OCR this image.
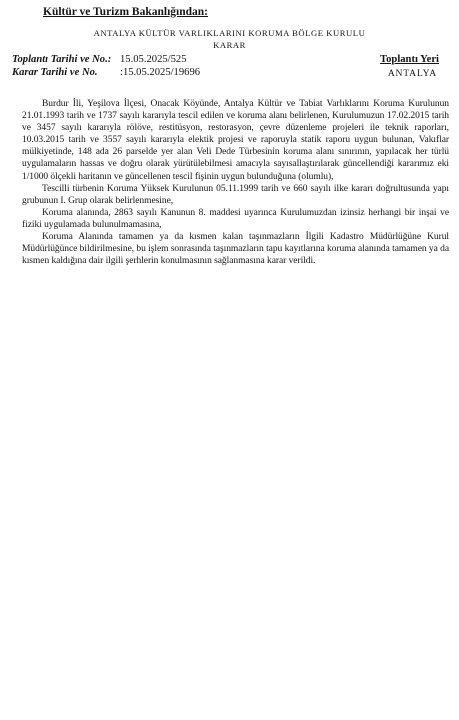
Kültür ve Turizm Bakanlığından:
ANTALYA KÜLTÜR VARLIKLARINI KORUMA BÖLGE KURULU
KARAR
Toplantı Tarihi ve No.: 15.05.2025/525
Karar Tarihi ve No. :15.05.2025/19696
Toplantı Yeri
ANTALYA

Burdur İli, Yeşilova İlçesi, Onacak Köyünde, Antalya Kültür ve Tabiat Varlıklarını Koruma Kurulunun 21.01.1993 tarih ve 1737 sayılı kararıyla tescil edilen ve koruma alanı belirlenen, Kurulumuzun 17.02.2015 tarih ve 3457 sayılı kararıyla rölöve, restitüsyon, restorasyon, çevre düzenleme projeleri ile teknik raporları, 10.03.2015 tarih ve 3557 sayılı kararıyla elektik projesi ve raporuyla statik raporu uygun bulunan, Vakıflar mülkiyetinde, 148 ada 26 parselde yer alan Veli Dede Türbesinin koruma alanı sınırının, yapılacak her türlü uygulamaların hassas ve doğru olarak yürütülebilmesi amacıyla sayısallaştırılarak güncellendiği kararımız eki 1/1000 ölçekli haritanın ve güncellenen tescil fişinin uygun bulunduğuna (olumlu),

Tescilli türbenin Koruma Yüksek Kurulunun 05.11.1999 tarih ve 660 sayılı ilke kararı doğrultusunda yapı grubunun I. Grup olarak belirlenmesine,

Koruma alanında, 2863 sayılı Kanunun 8. maddesi uyarınca Kurulumuzdan izinsiz herhangi bir inşai ve fiziki uygulamada bulunulmamasına,

Koruma Alanında tamamen ya da kısmen kalan taşınmazların İlgili Kadastro Müdürlüğüne Kurul Müdürlüğünce bildirilmesine, bu işlem sonrasında taşınmazların tapu kayıtlarına koruma alanında tamamen ya da kısmen kaldığına dair ilgili şerhlerin konulmasının sağlanmasına karar verildi.
